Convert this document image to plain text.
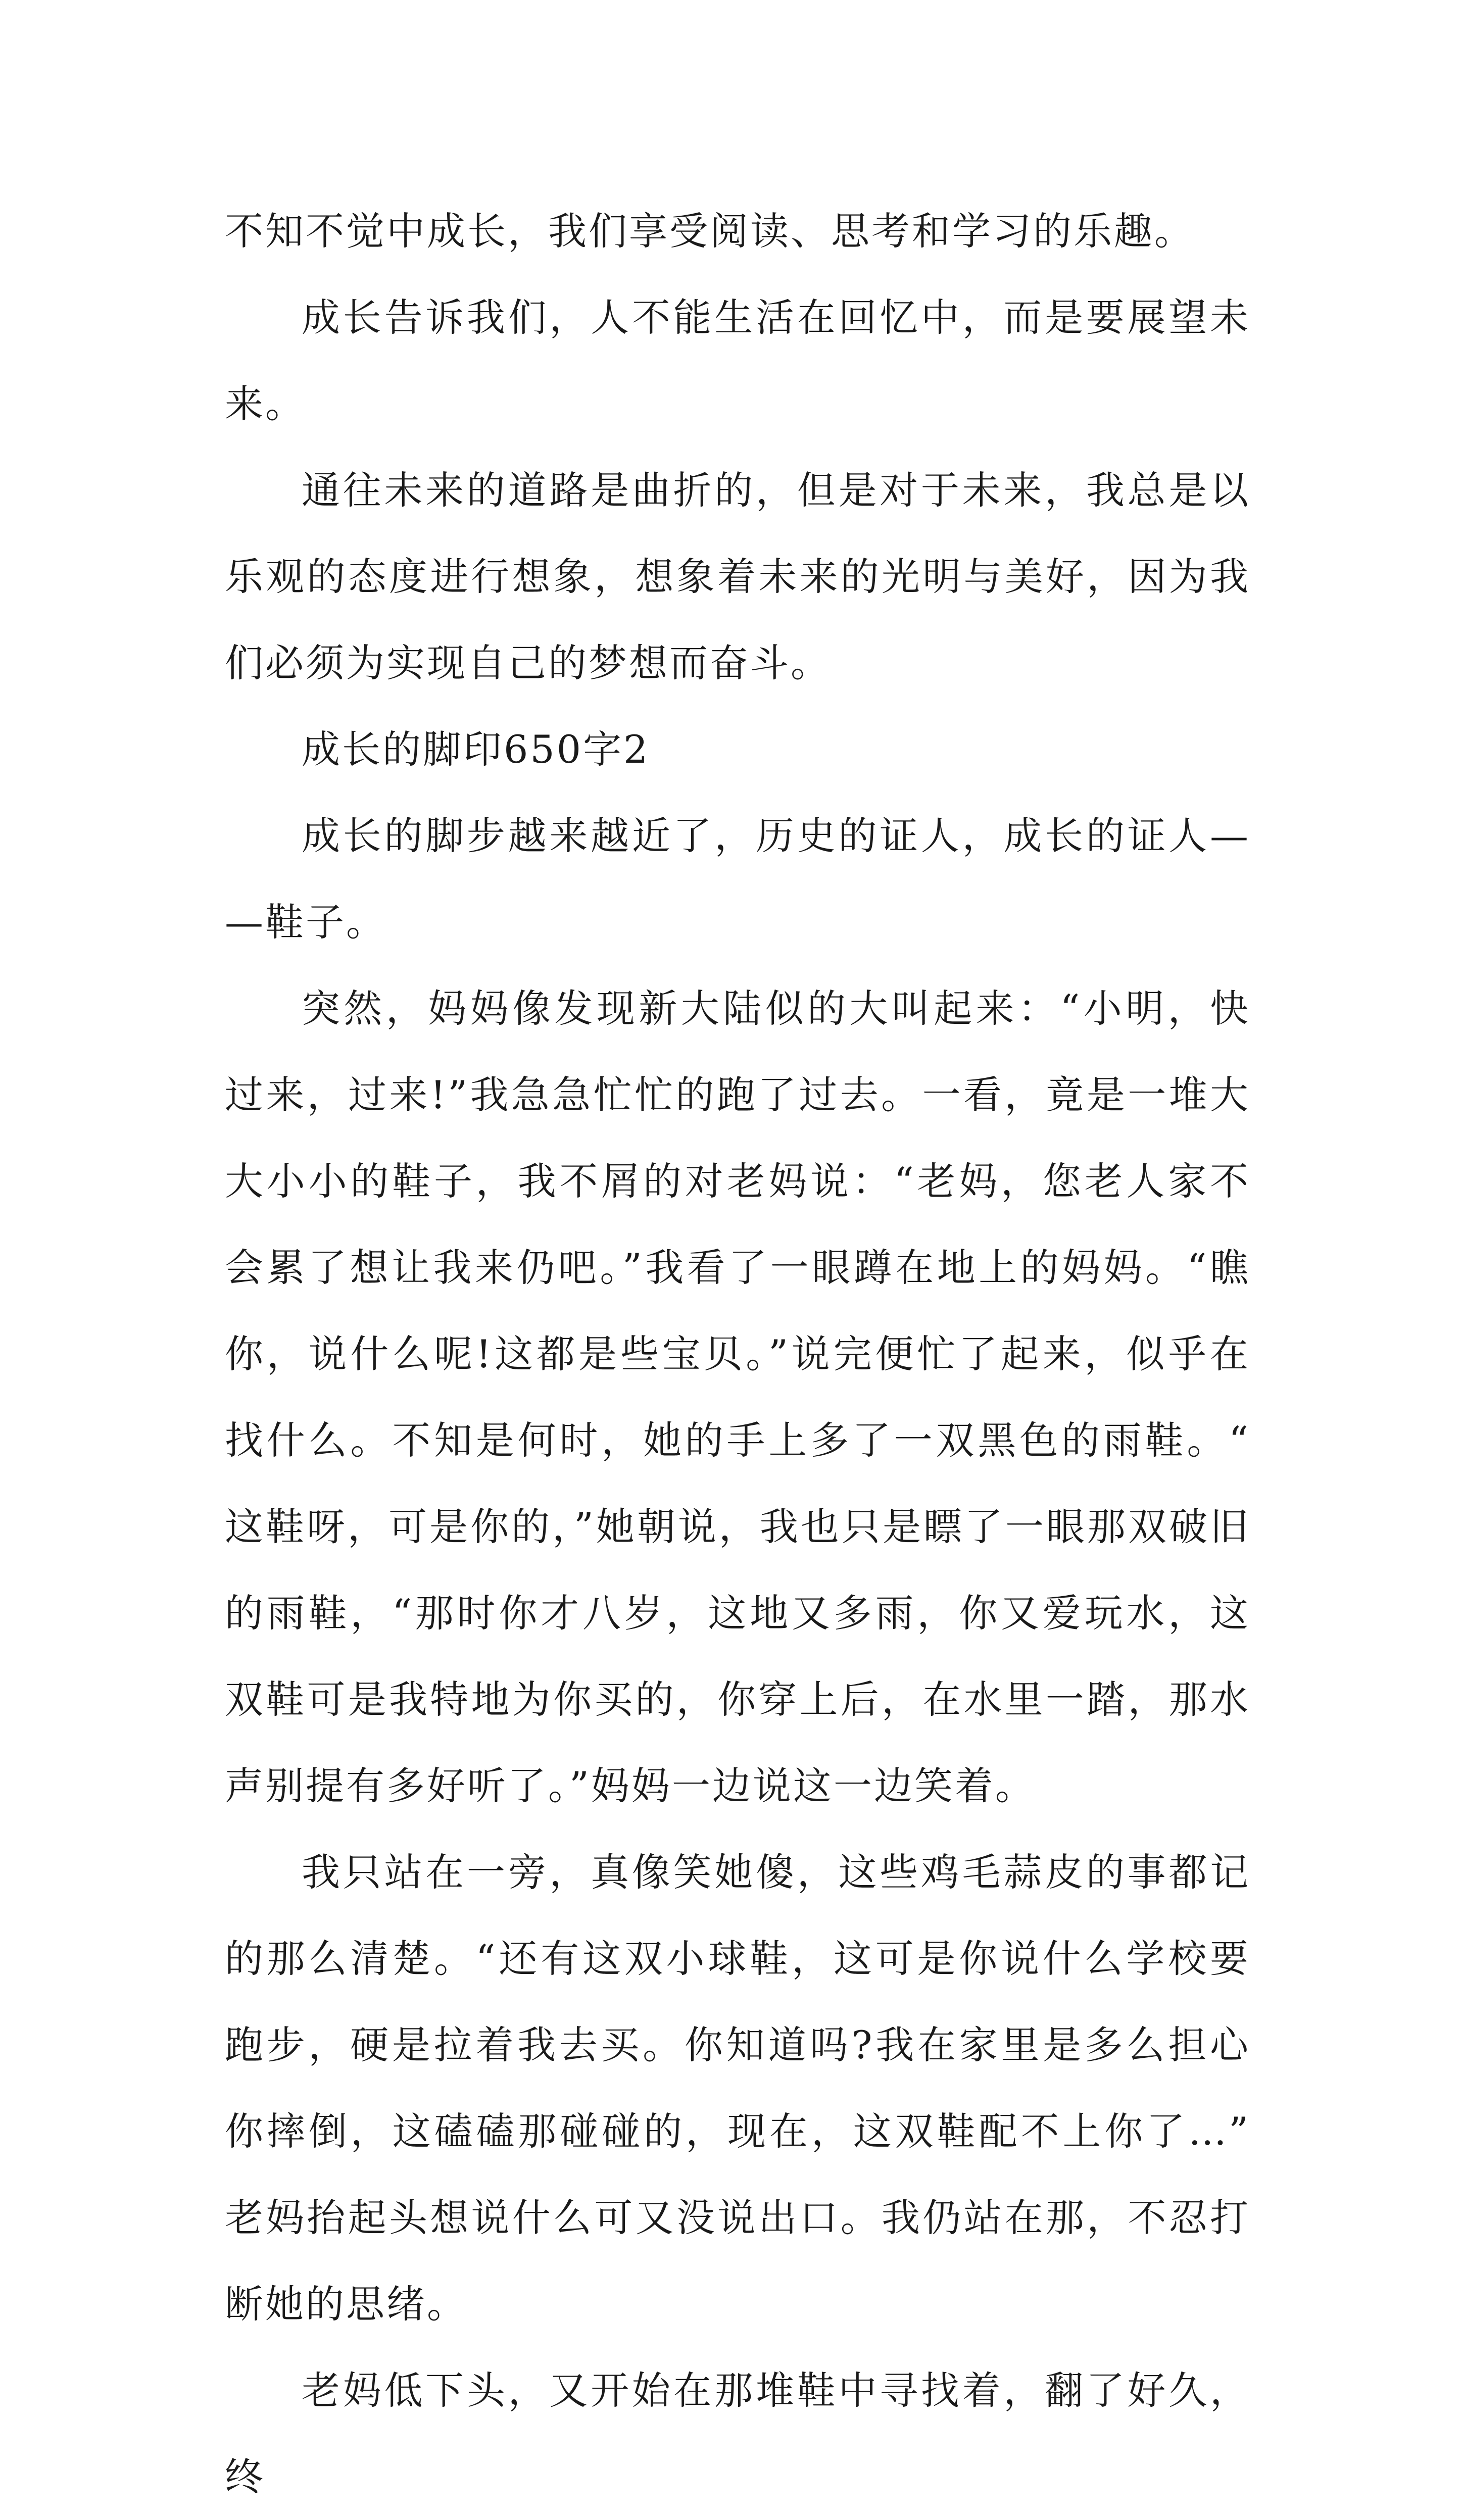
不知不觉中成长，我们享受阅读、思考和学习的乐趣。

成长告诉我们，人不能生活在回忆中，而是要展望未来。

通往未来的道路是曲折的，但是对于未来，我总是以乐观的态度进行想象，想象着未来的光明与美好，因为我们必须为实现自己的梦想而奋斗。

成长的脚印650字2

成长的脚步越来越近了，历史的证人，成长的证人——鞋子。

突然，妈妈像发现新大陆似的大叫起来：“小明，快过来，过来!”我急急忙忙的跑了过去。一看，竟是一堆大大小小的鞋子，我不屑的对老妈说：“老妈，您老人家不会累了想让我来仍吧。”我看了一眼蹲在地上的妈妈。“瞧你，说什么呢!这都是些宝贝。”说完便忙了起来，似乎在找什么。不知是何时，她的手上多了一双黑色的雨鞋。“这鞋呀，可是你的，”她朝说，我也只是瞟了一眼那双破旧的雨鞋，“那时你才八岁，这地又多雨，你又爱玩水，这双鞋可是我特地为你买的，你穿上后，在水里一踏，那水声别提有多好听了。”妈妈一边说这一边笑着。

我只站在一旁，真像笑她傻，这些鸡毛蒜皮的事都记的那么清楚。“还有这双小球鞋，这可是你说什么学校要跑步，硬是拉着我去买。你知道吗?我在家里是多么担心你摔倒，这磕磕那碰碰的，现在，这双鞋配不上你了…”老妈抬起头想说什么可又没说出口。我仍站在那，不忍打断她的思绪。

老妈低下头，又开始在那堆鞋中寻找着，翻了好久，终
